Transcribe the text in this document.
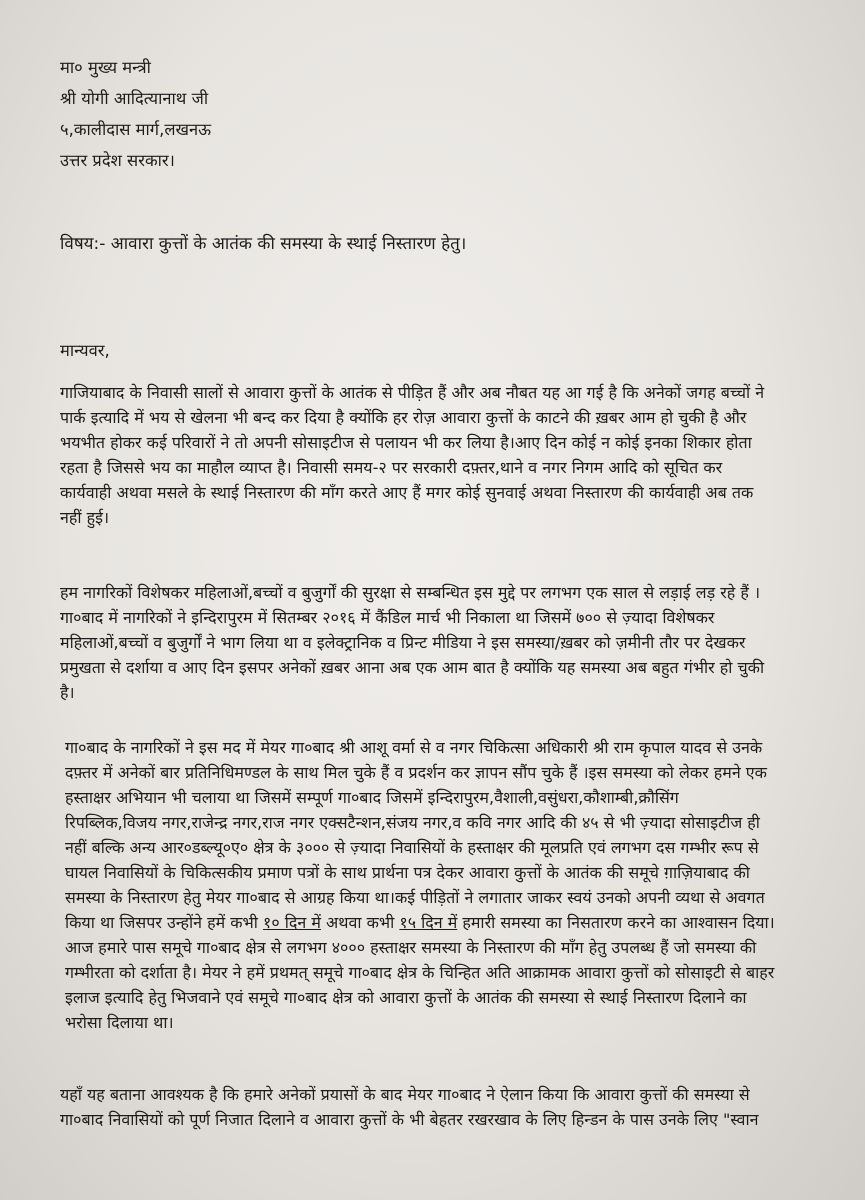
मा० मुख्य मन्त्री
श्री योगी आदित्यानाथ जी
५,कालीदास मार्ग,लखनऊ
उत्तर प्रदेश सरकार।
विषय:- आवारा कुत्तों के आतंक की समस्या के स्थाई निस्तारण हेतु।
मान्यवर,
गाजियाबाद के निवासी सालों से आवारा कुत्तों के आतंक से पीड़ित हैं और अब नौबत यह आ गई है कि अनेकों जगह बच्चों ने
पार्क इत्यादि में भय से खेलना भी बन्द कर दिया है क्योंकि हर रोज़ आवारा कुत्तों के काटने की ख़बर आम हो चुकी है और
भयभीत होकर कई परिवारों ने तो अपनी सोसाइटीज से पलायन भी कर लिया है।आए दिन कोई न कोई इनका शिकार होता
रहता है जिससे भय का माहौल व्याप्त है। निवासी समय-२ पर सरकारी दफ़्तर,थाने व नगर निगम आदि को सूचित कर
कार्यवाही अथवा मसले के स्थाई निस्तारण की माँग करते आए हैं मगर कोई सुनवाई अथवा निस्तारण की कार्यवाही अब तक
नहीं हुई।
हम नागरिकों विशेषकर महिलाओं,बच्चों व बुजुर्गों की सुरक्षा से सम्बन्धित इस मुद्दे पर लगभग एक साल से लड़ाई लड़ रहे हैं ।
गा०बाद में नागरिकों ने इन्दिरापुरम में सितम्बर २०१६ में कैंडिल मार्च भी निकाला था जिसमें ७०० से ज़्यादा विशेषकर
महिलाओं,बच्चों व बुजुर्गों ने भाग लिया था व इलेक्ट्रानिक व प्रिन्ट मीडिया ने इस समस्या/ख़बर को ज़मीनी तौर पर देखकर
प्रमुखता से दर्शाया व आए दिन इसपर अनेकों ख़बर आना अब एक आम बात है क्योंकि यह समस्या अब बहुत गंभीर हो चुकी
है।
गा०बाद के नागरिकों ने इस मद में मेयर गा०बाद श्री आशू वर्मा से व नगर चिकित्सा अधिकारी श्री राम कृपाल यादव से उनके
दफ़्तर में अनेकों बार प्रतिनिधिमण्डल के साथ मिल चुके हैं व प्रदर्शन कर ज्ञापन सौंप चुके हैं ।इस समस्या को लेकर हमने एक
हस्ताक्षर अभियान भी चलाया था जिसमें सम्पूर्ण गा०बाद जिसमें इन्दिरापुरम,वैशाली,वसुंधरा,कौशाम्बी,क्रौसिंग
रिपब्लिक,विजय नगर,राजेन्द्र नगर,राज नगर एक्सटैन्शन,संजय नगर,व कवि नगर आदि की ४५ से भी ज़्यादा सोसाइटीज ही
नहीं बल्कि अन्य आर०डब्ल्यू०ए० क्षेत्र के ३००० से ज़्यादा निवासियों के हस्ताक्षर की मूलप्रति एवं लगभग दस गम्भीर रूप से
घायल निवासियों के चिकित्सकीय प्रमाण पत्रों के साथ प्रार्थना पत्र देकर आवारा कुत्तों के आतंक की समूचे ग़ाज़ियाबाद की
समस्या के निस्तारण हेतु मेयर गा०बाद से आग्रह किया था।कई पीड़ितों ने लगातार जाकर स्वयं उनको अपनी व्यथा से अवगत
किया था जिसपर उन्होंने हमें कभी १० दिन में अथवा कभी १५ दिन में हमारी समस्या का निसतारण करने का आश्वासन दिया।
आज हमारे पास समूचे गा०बाद क्षेत्र से लगभग ४००० हस्ताक्षर समस्या के निस्तारण की माँग हेतु उपलब्ध हैं जो समस्या की
गम्भीरता को दर्शाता है। मेयर ने हमें प्रथमत् समूचे गा०बाद क्षेत्र के चिन्हित अति आक्रामक आवारा कुत्तों को सोसाइटी से बाहर
इलाज इत्यादि हेतु भिजवाने एवं समूचे गा०बाद क्षेत्र को आवारा कुत्तों के आतंक की समस्या से स्थाई निस्तारण दिलाने का
भरोसा दिलाया था।
यहाँ यह बताना आवश्यक है कि हमारे अनेकों प्रयासों के बाद मेयर गा०बाद ने ऐलान किया कि आवारा कुत्तों की समस्या से
गा०बाद निवासियों को पूर्ण निजात दिलाने व आवारा कुत्तों के भी बेहतर रखरखाव के लिए हिन्डन के पास उनके लिए "स्वान
